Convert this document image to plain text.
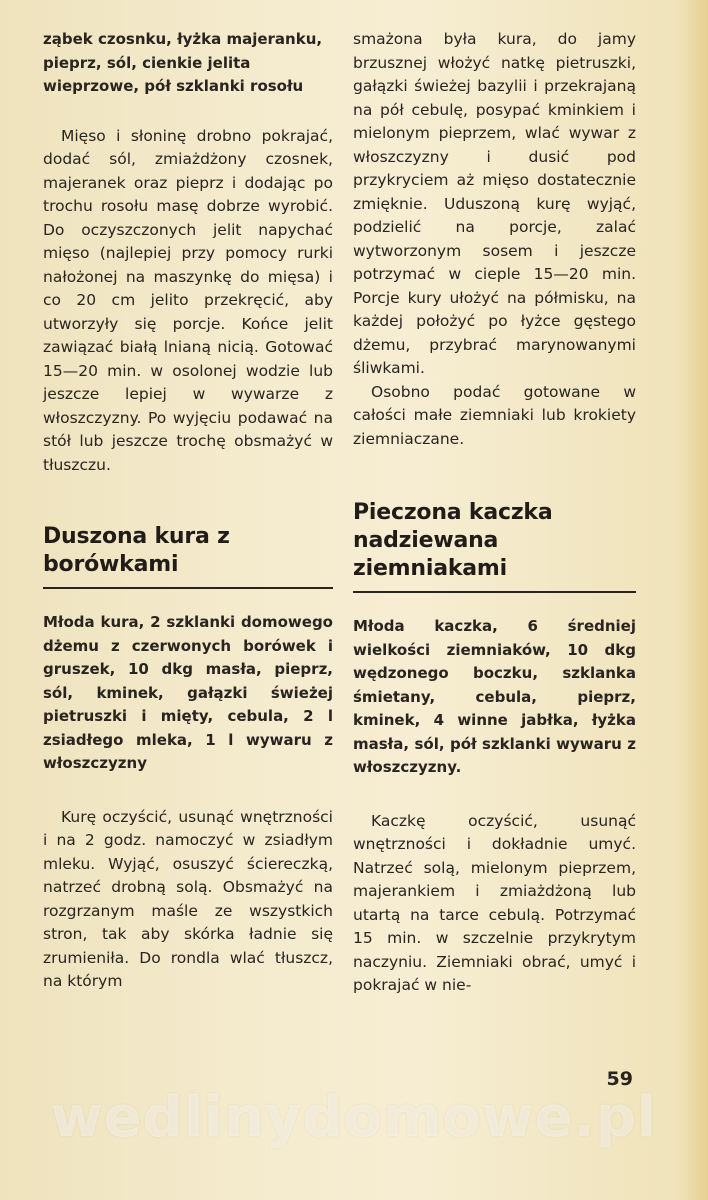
ząbek czosnku, łyżka majeranku, pieprz, sól, cienkie jelita wieprzowe, pół szklanki rosołu

Mięso i słoninę drobno pokrajać, dodać sól, zmiażdżony czosnek, majeranek oraz pieprz i dodając po trochu rosołu masę dobrze wyrobić. Do oczyszczonych jelit napychać mięso (najlepiej przy pomocy rurki nałożonej na maszynkę do mięsa) i co 20 cm jelito przekręcić, aby utworzyły się porcje. Końce jelit zawiązać białą lnianą nicią. Gotować 15—20 min. w osolonej wodzie lub jeszcze lepiej w wywarze z włoszczyzny. Po wyjęciu podawać na stół lub jeszcze trochę obsmażyć w tłuszczu.

Duszona kura z borówkami

Młoda kura, 2 szklanki domowego dżemu z czerwonych borówek i gruszek, 10 dkg masła, pieprz, sól, kminek, gałązki świeżej pietruszki i mięty, cebula, 2 l zsiadłego mleka, 1 l wywaru z włoszczyzny

Kurę oczyścić, usunąć wnętrzności i na 2 godz. namoczyć w zsiadłym mleku. Wyjąć, osuszyć ściereczką, natrzeć drobną solą. Obsmażyć na rozgrzanym maśle ze wszystkich stron, tak aby skórka ładnie się zrumieniła. Do rondla wlać tłuszcz, na którym

smażona była kura, do jamy brzusznej włożyć natkę pietruszki, gałązki świeżej bazylii i przekrajaną na pół cebulę, posypać kminkiem i mielonym pieprzem, wlać wywar z włoszczyzny i dusić pod przykryciem aż mięso dostatecznie zmięknie. Uduszoną kurę wyjąć, podzielić na porcje, zalać wytworzonym sosem i jeszcze potrzymać w cieple 15—20 min. Porcje kury ułożyć na półmisku, na każdej położyć po łyżce gęstego dżemu, przybrać marynowanymi śliwkami.

Osobno podać gotowane w całości małe ziemniaki lub krokiety ziemniaczane.

Pieczona kaczka nadziewana ziemniakami

Młoda kaczka, 6 średniej wielkości ziemniaków, 10 dkg wędzonego boczku, szklanka śmietany, cebula, pieprz, kminek, 4 winne jabłka, łyżka masła, sól, pół szklanki wywaru z włoszczyzny.

Kaczkę oczyścić, usunąć wnętrzności i dokładnie umyć. Natrzeć solą, mielonym pieprzem, majerankiem i zmiażdżoną lub utartą na tarce cebulą. Potrzymać 15 min. w szczelnie przykrytym naczyniu. Ziemniaki obrać, umyć i pokrajać w nie-

59
wedlinydomowe.pl
